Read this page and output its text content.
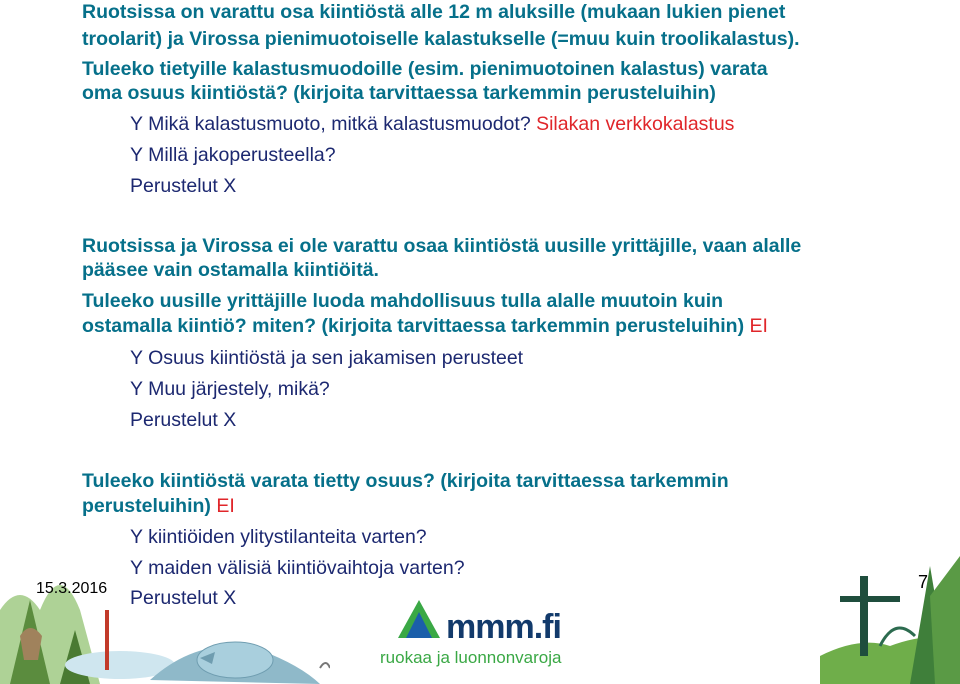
Ruotsissa on varattu osa kiintiöstä alle 12 m aluksille (mukaan lukien pienet

troolarit) ja Virossa pienimuotoiselle kalastukselle (=muu kuin troolikalastus).

Tuleeko tietyille kalastusmuodoille (esim. pienimuotoinen kalastus) varata

oma osuus kiintiöstä? (kirjoita tarvittaessa tarkemmin perusteluihin)

Y Mikä kalastusmuoto, mitkä kalastusmuodot? Silakan verkkokalastus

Y Millä jakoperusteella?

Perustelut X

Ruotsissa ja Virossa ei ole varattu osaa kiintiöstä uusille yrittäjille, vaan alalle

pääsee vain ostamalla kiintiöitä.

Tuleeko uusille yrittäjille luoda mahdollisuus tulla alalle muutoin kuin

ostamalla kiintiö? miten? (kirjoita tarvittaessa tarkemmin perusteluihin) EI

Y Osuus kiintiöstä ja sen jakamisen perusteet

Y Muu järjestely, mikä?

Perustelut X

Tuleeko kiintiöstä varata tietty osuus? (kirjoita tarvittaessa tarkemmin

perusteluihin) EI

Y kiintiöiden ylitystilanteita varten?

Y maiden välisiä kiintiövaihtoja varten?

Perustelut X

15.3.2016	7
mmm.fi
ruokaa ja luonnonvaroja
